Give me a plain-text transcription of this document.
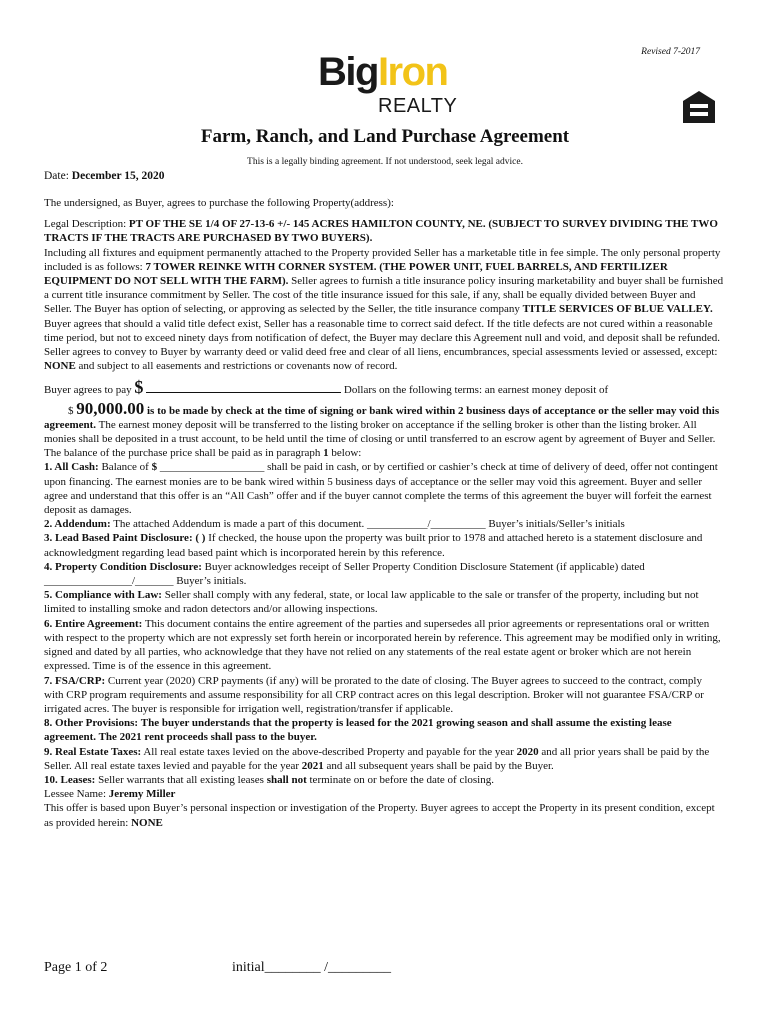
Revised 7-2017
BigIron
REALTY
Farm, Ranch, and Land Purchase Agreement
This is a legally binding agreement. If not understood, seek legal advice.
Date: December 15, 2020

The undersigned, as Buyer, agrees to purchase the following Property(address):

Legal Description: PT OF THE SE 1/4 OF 27-13-6 +/- 145 ACRES HAMILTON COUNTY, NE. (SUBJECT TO SURVEY DIVIDING THE TWO TRACTS IF THE TRACTS ARE PURCHASED BY TWO BUYERS).
Including all fixtures and equipment permanently attached to the Property provided Seller has a marketable title in fee simple. The only personal property included is as follows: 7 TOWER REINKE WITH CORNER SYSTEM. (THE POWER UNIT, FUEL BARRELS, AND FERTILIZER EQUIPMENT DO NOT SELL WITH THE FARM). Seller agrees to furnish a title insurance policy insuring marketability and buyer shall be furnished a current title insurance commitment by Seller. The cost of the title insurance issued for this sale, if any, shall be equally divided between Buyer and Seller. The Buyer has option of selecting, or approving as selected by the Seller, the title insurance company TITLE SERVICES OF BLUE VALLEY. Buyer agrees that should a valid title defect exist, Seller has a reasonable time to correct said defect. If the title defects are not cured within a reasonable time period, but not to exceed ninety days from notification of defect, the Buyer may declare this Agreement null and void, and deposit shall be refunded. Seller agrees to convey to Buyer by warranty deed or valid deed free and clear of all liens, encumbrances, special assessments levied or assessed, except: NONE and subject to all easements and restrictions or covenants now of record.

Buyer agrees to pay $	Dollars on the following terms: an earnest money deposit of

$ 90,000.00 is to be made by check at the time of signing or bank wired within 2 business days of acceptance or the seller may void this agreement. The earnest money deposit will be transferred to the listing broker on acceptance if the selling broker is other than the listing broker. All monies shall be deposited in a trust account, to be held until the time of closing or until transferred to an escrow agent by agreement of Buyer and Seller. The balance of the purchase price shall be paid as in paragraph 1 below:

1. All Cash: Balance of $ ___________________ shall be paid in cash, or by certified or cashier’s check at time of delivery of deed, offer not contingent upon financing. The earnest monies are to be bank wired within 5 business days of acceptance or the seller may void this agreement. Buyer and seller agree and understand that this offer is an “All Cash” offer and if the buyer cannot complete the terms of this agreement the buyer will forfeit the earnest deposit as damages.

2. Addendum: The attached Addendum is made a part of this document. ___________/__________ Buyer’s initials/Seller’s initials

3. Lead Based Paint Disclosure: ( ) If checked, the house upon the property was built prior to 1978 and attached hereto is a statement disclosure and acknowledgment regarding lead based paint which is incorporated herein by this reference.

4. Property Condition Disclosure: Buyer acknowledges receipt of Seller Property Condition Disclosure Statement (if applicable) dated ________________/_______ Buyer’s initials.

5. Compliance with Law: Seller shall comply with any federal, state, or local law applicable to the sale or transfer of the property, including but not limited to installing smoke and radon detectors and/or allowing inspections.

6. Entire Agreement: This document contains the entire agreement of the parties and supersedes all prior agreements or representations oral or written with respect to the property which are not expressly set forth herein or incorporated herein by reference. This agreement may be modified only in writing, signed and dated by all parties, who acknowledge that they have not relied on any statements of the real estate agent or broker which are not herein expressed. Time is of the essence in this agreement.

7. FSA/CRP: Current year (2020) CRP payments (if any) will be prorated to the date of closing. The Buyer agrees to succeed to the contract, comply with CRP program requirements and assume responsibility for all CRP contract acres on this legal description. Broker will not guarantee FSA/CRP or irrigated acres. The buyer is responsible for irrigation well, registration/transfer if applicable.

8. Other Provisions: The buyer understands that the property is leased for the 2021 growing season and shall assume the existing lease agreement. The 2021 rent proceeds shall pass to the buyer.

9. Real Estate Taxes: All real estate taxes levied on the above-described Property and payable for the year 2020 and all prior years shall be paid by the Seller. All real estate taxes levied and payable for the year 2021 and all subsequent years shall be paid by the Buyer.

10. Leases: Seller warrants that all existing leases shall not terminate on or before the date of closing.

Lessee Name: Jeremy Miller

This offer is based upon Buyer’s personal inspection or investigation of the Property. Buyer agrees to accept the Property in its present condition, except as provided herein: NONE

Page 1 of 2	initial________ /_________
